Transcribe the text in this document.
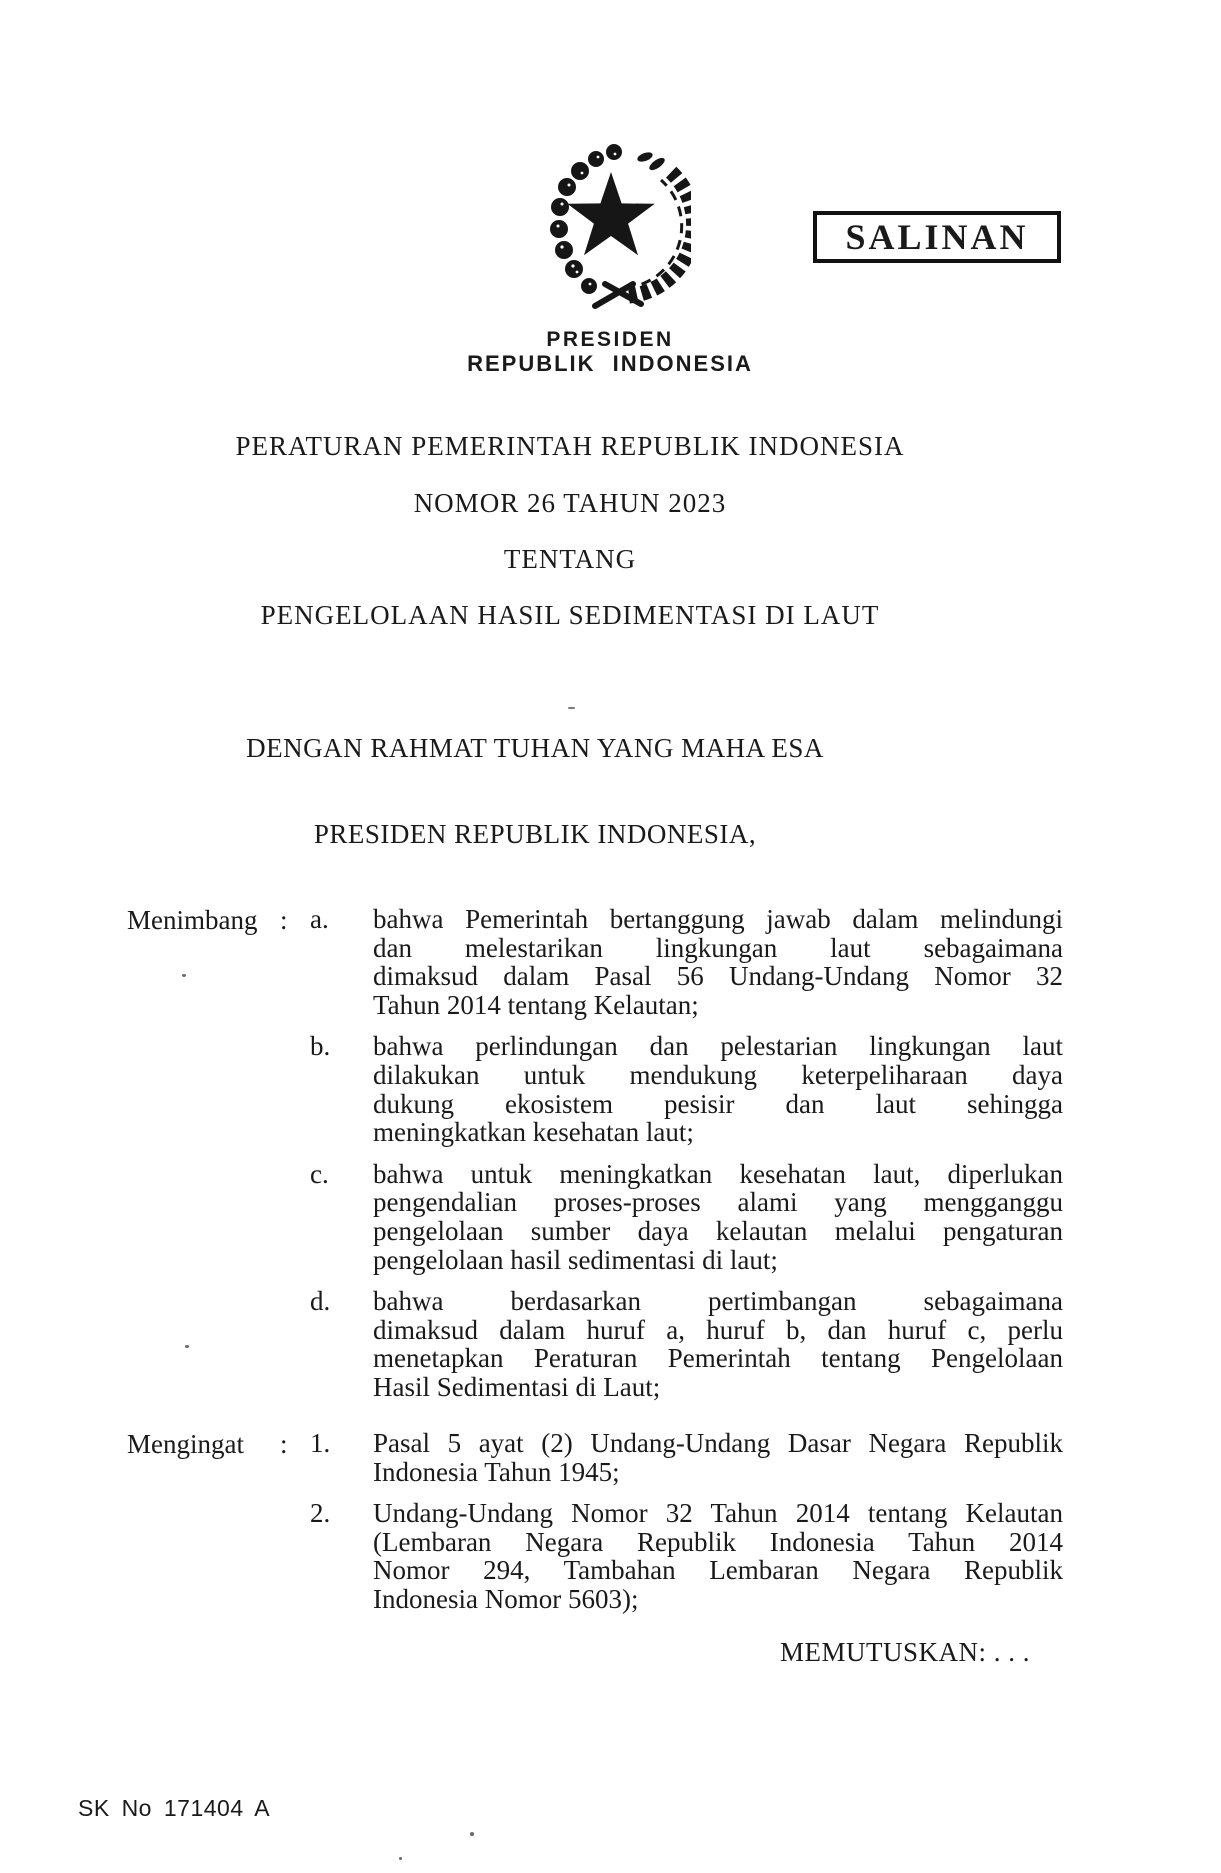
SALINAN
PRESIDEN
REPUBLIK INDONESIA
PERATURAN PEMERINTAH REPUBLIK INDONESIA
NOMOR 26 TAHUN 2023
TENTANG
PENGELOLAAN HASIL SEDIMENTASI DI LAUT
DENGAN RAHMAT TUHAN YANG MAHA ESA
PRESIDEN REPUBLIK INDONESIA,
Menimbang : a.	bahwa Pemerintah bertanggung jawab dalam melindungi
dan melestarikan lingkungan laut sebagaimana
dimaksud dalam Pasal 56 Undang-Undang Nomor 32
Tahun 2014 tentang Kelautan;
b.	bahwa perlindungan dan pelestarian lingkungan laut
dilakukan untuk mendukung keterpeliharaan daya
dukung ekosistem pesisir dan laut sehingga
meningkatkan kesehatan laut;
c.	bahwa untuk meningkatkan kesehatan laut, diperlukan
pengendalian proses-proses alami yang mengganggu
pengelolaan sumber daya kelautan melalui pengaturan
pengelolaan hasil sedimentasi di laut;
d.	bahwa berdasarkan pertimbangan sebagaimana
dimaksud dalam huruf a, huruf b, dan huruf c, perlu
menetapkan Peraturan Pemerintah tentang Pengelolaan
Hasil Sedimentasi di Laut;
Mengingat : 1.	Pasal 5 ayat (2) Undang-Undang Dasar Negara Republik
Indonesia Tahun 1945;
2.	Undang-Undang Nomor 32 Tahun 2014 tentang Kelautan
(Lembaran Negara Republik Indonesia Tahun 2014
Nomor 294, Tambahan Lembaran Negara Republik
Indonesia Nomor 5603);
MEMUTUSKAN: . . .
SK No 171404 A
